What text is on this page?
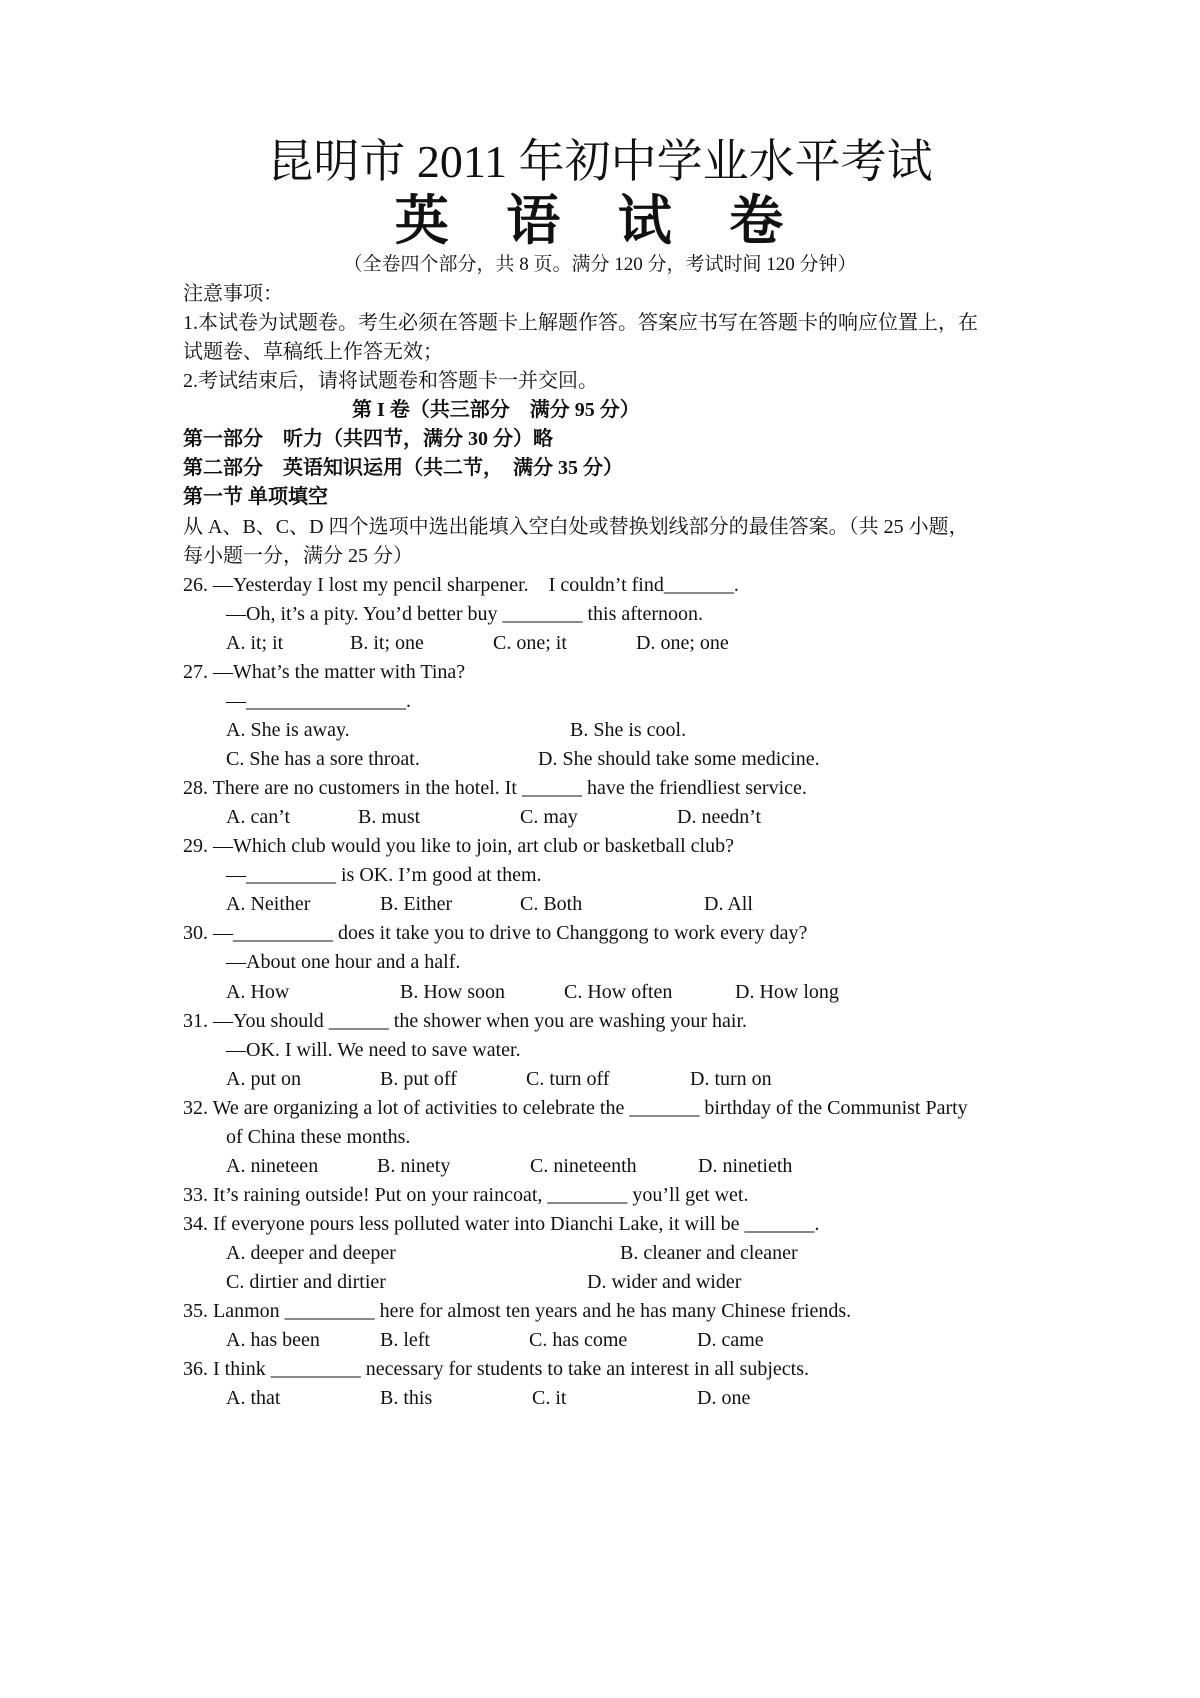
昆明市 2011 年初中学业水平考试
英 语 试 卷
（全卷四个部分，共 8 页。满分 120 分，考试时间 120 分钟）
注意事项：
1.本试卷为试题卷。考生必须在答题卡上解题作答。答案应书写在答题卡的响应位置上，在
试题卷、草稿纸上作答无效；
2.考试结束后，请将试题卷和答题卡一并交回。
第 I 卷（共三部分　满分 95 分）
第一部分　听力（共四节，满分 30 分）略
第二部分　英语知识运用（共二节，　满分 35 分）
第一节 单项填空
从 A、B、C、D 四个选项中选出能填入空白处或替换划线部分的最佳答案。（共 25 小题，
每小题一分，满分 25 分）
26. —Yesterday I lost my pencil sharpener.　I couldn’t find_______.
—Oh, it’s a pity. You’d better buy ________ this afternoon.
A. it; it	B. it; one	C. one; it	D. one; one
27. —What’s the matter with Tina?
—________________.
A. She is away.	B. She is cool.
C. She has a sore throat.	D. She should take some medicine.
28. There are no customers in the hotel. It ______ have the friendliest service.
A. can’t	B. must	C. may	D. needn’t
29. —Which club would you like to join, art club or basketball club?
—_________ is OK. I’m good at them.
A. Neither	B. Either	C. Both	D. All
30. —__________ does it take you to drive to Changgong to work every day?
—About one hour and a half.
A. How	B. How soon	C. How often	D. How long
31. —You should ______ the shower when you are washing your hair.
—OK. I will. We need to save water.
A. put on	B. put off	C. turn off	D. turn on
32. We are organizing a lot of activities to celebrate the _______ birthday of the Communist Party
of China these months.
A. nineteen	B. ninety	C. nineteenth	D. ninetieth
33. It’s raining outside! Put on your raincoat, ________ you’ll get wet.
34. If everyone pours less polluted water into Dianchi Lake, it will be _______.
A. deeper and deeper	B. cleaner and cleaner
C. dirtier and dirtier	D. wider and wider
35. Lanmon _________ here for almost ten years and he has many Chinese friends.
A. has been	B. left	C. has come	D. came
36. I think _________ necessary for students to take an interest in all subjects.
A. that	B. this	C. it	D. one
